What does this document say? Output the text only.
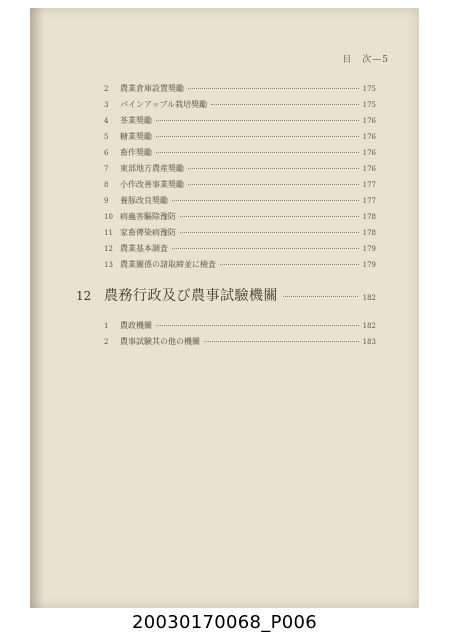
目　次—5
2	農業倉庫設置獎勵	175
3	パインアップル栽培獎勵	175
4	茶業獎勵	176
5	糖業獎勵	176
6	畜作獎勵	176
7	東部地方農産獎勵	176
8	小作改善事業獎勵	177
9	養豚改良獎勵	177
10 病蟲害驅除豫防	178
11 家畜傳染病豫防	178
12 農業基本調査	179
13 農業關係の諸取締並に檢査	179
12 農務行政及び農事試驗機關	182
1	農政機關	182
2	農事試驗其の他の機關	183
20030170068_P006
